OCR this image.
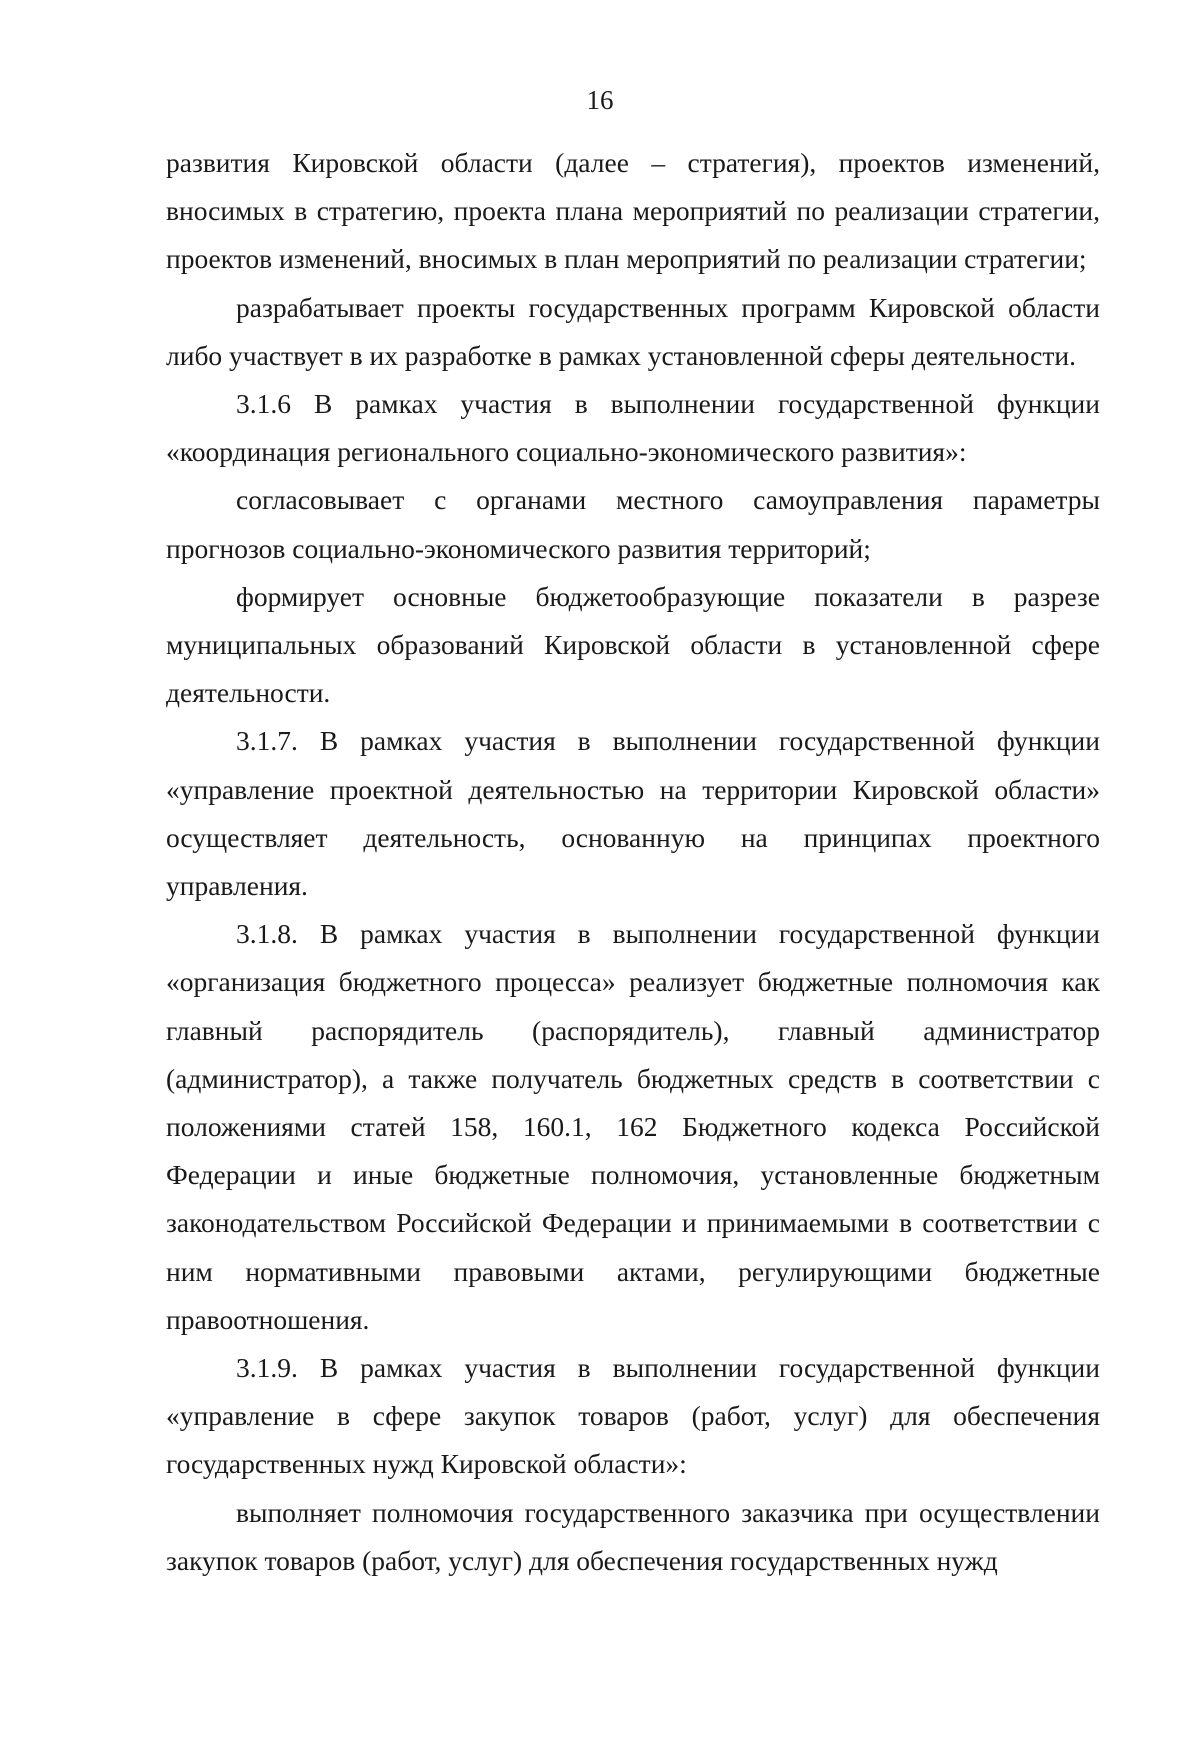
16

развития Кировской области (далее – стратегия), проектов изменений, вносимых в стратегию, проекта плана мероприятий по реализации стратегии, проектов изменений, вносимых в план мероприятий по реализации стратегии;

разрабатывает проекты государственных программ Кировской области либо участвует в их разработке в рамках установленной сферы деятельности.

3.1.6 В рамках участия в выполнении государственной функции «координация регионального социально-экономического развития»:

согласовывает с органами местного самоуправления параметры прогнозов социально-экономического развития территорий;

формирует основные бюджетообразующие показатели в разрезе муниципальных образований Кировской области в установленной сфере деятельности.

3.1.7. В рамках участия в выполнении государственной функции «управление проектной деятельностью на территории Кировской области» осуществляет деятельность, основанную на принципах проектного управления.

3.1.8. В рамках участия в выполнении государственной функции «организация бюджетного процесса» реализует бюджетные полномочия как главный распорядитель (распорядитель), главный администратор (администратор), а также получатель бюджетных средств в соответствии с положениями статей 158, 160.1, 162 Бюджетного кодекса Российской Федерации и иные бюджетные полномочия, установленные бюджетным законодательством Российской Федерации и принимаемыми в соответствии с ним нормативными правовыми актами, регулирующими бюджетные правоотношения.

3.1.9. В рамках участия в выполнении государственной функции «управление в сфере закупок товаров (работ, услуг) для обеспечения государственных нужд Кировской области»:

выполняет полномочия государственного заказчика при осуществлении закупок товаров (работ, услуг) для обеспечения государственных нужд
